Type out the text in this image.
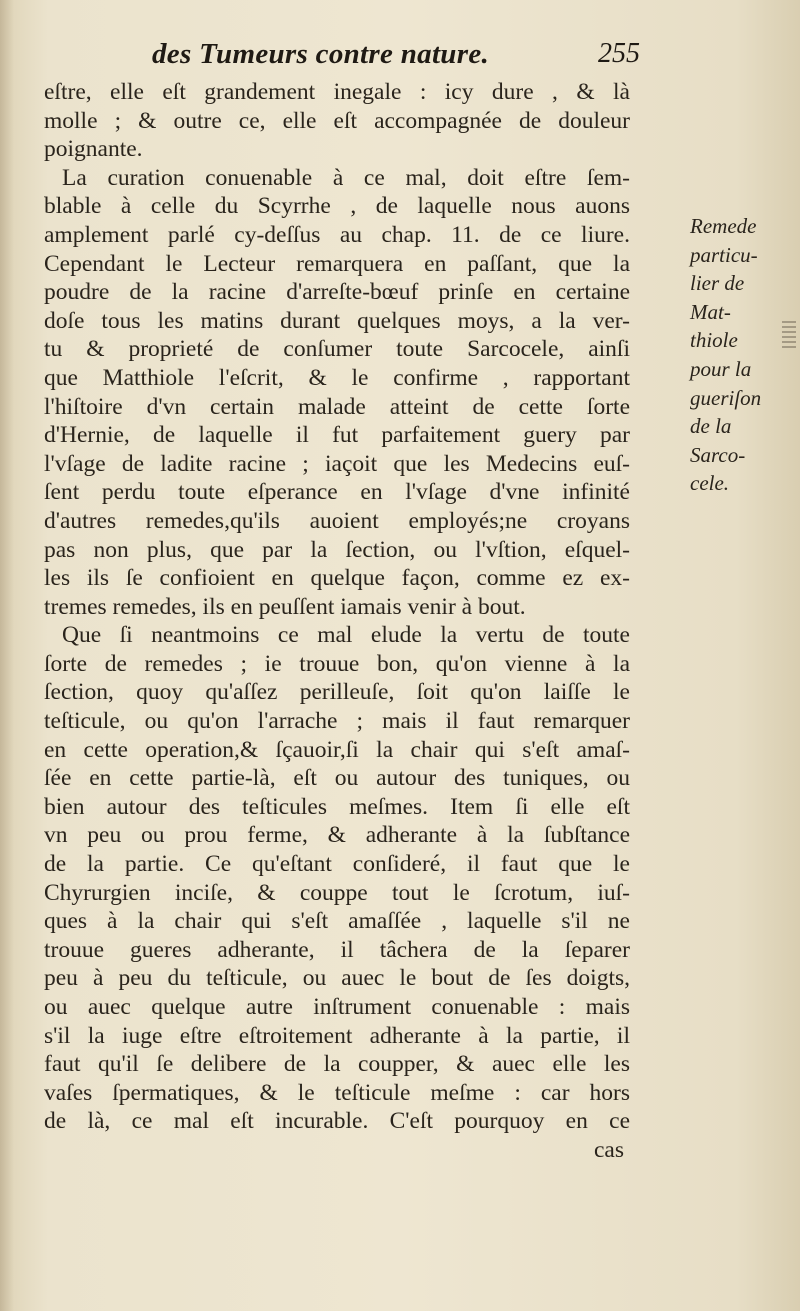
des Tumeurs contre nature.	255
eſtre, elle eſt grandement inegale : icy dure , & là
molle ; & outre ce, elle eſt accompagnée de douleur
poignante.
La curation conuenable à ce mal, doit eſtre ſem-
blable à celle du Scyrrhe , de laquelle nous auons
amplement parlé cy-deſſus au chap. 11. de ce liure.
Cependant le Lecteur remarquera en paſſant, que la
poudre de la racine d'arreſte-bœuf prinſe en certaine
doſe tous les matins durant quelques moys, a la ver-
tu & proprieté de conſumer toute Sarcocele, ainſi
que Matthiole l'eſcrit, & le confirme , rapportant
l'hiſtoire d'vn certain malade atteint de cette ſorte
d'Hernie, de laquelle il fut parfaitement guery par
l'vſage de ladite racine ; iaçoit que les Medecins euſ-
ſent perdu toute eſperance en l'vſage d'vne infinité
d'autres remedes,qu'ils auoient employés;ne croyans
pas non plus, que par la ſection, ou l'vſtion, eſquel-
les ils ſe confioient en quelque façon, comme ez ex-
tremes remedes, ils en peuſſent iamais venir à bout.
Que ſi neantmoins ce mal elude la vertu de toute
ſorte de remedes ; ie trouue bon, qu'on vienne à la
ſection, quoy qu'aſſez perilleuſe, ſoit qu'on laiſſe le
teſticule, ou qu'on l'arrache ; mais il faut remarquer
en cette operation,& ſçauoir,ſi la chair qui s'eſt amaſ-
ſée en cette partie-là, eſt ou autour des tuniques, ou
bien autour des teſticules meſmes. Item ſi elle eſt
vn peu ou prou ferme, & adherante à la ſubſtance
de la partie. Ce qu'eſtant conſideré, il faut que le
Chyrurgien inciſe, & couppe tout le ſcrotum, iuſ-
ques à la chair qui s'eſt amaſſée , laquelle s'il ne
trouue gueres adherante, il tâchera de la ſeparer
peu à peu du teſticule, ou auec le bout de ſes doigts,
ou auec quelque autre inſtrument conuenable : mais
s'il la iuge eſtre eſtroitement adherante à la partie, il
faut qu'il ſe delibere de la coupper, & auec elle les
vaſes ſpermatiques, & le teſticule meſme : car hors
de là, ce mal eſt incurable. C'eſt pourquoy en ce
cas
Remede
particu-
lier de
Mat-
thiole
pour la
gueriſon
de la
Sarco-
cele.
